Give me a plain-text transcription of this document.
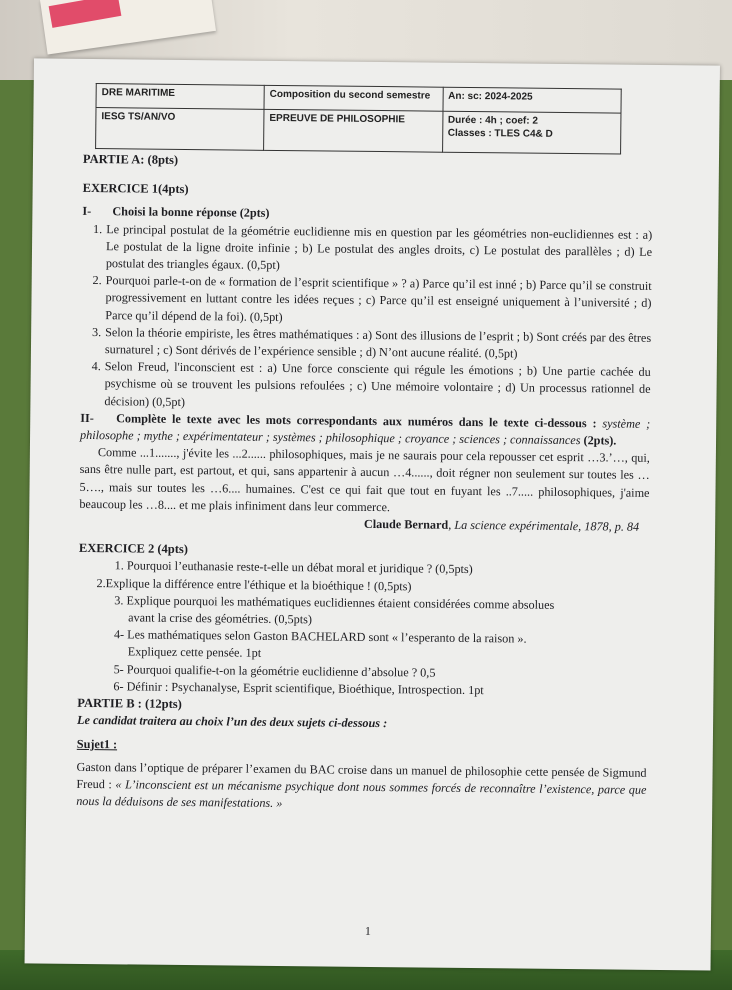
DRE MARITIME	Composition du second semestre	An: sc: 2024-2025
IESG TS/AN/VO	EPREUVE DE PHILOSOPHIE	Durée : 4h ; coef: 2
Classes : TLES C4& D

PARTIE A: (8pts)

EXERCICE 1(4pts)

I-	Choisi la bonne réponse (2pts)

1. Le principal postulat de la géométrie euclidienne mis en question par les géométries non-euclidiennes est : a) Le postulat de la ligne droite infinie ; b) Le postulat des angles droits, c) Le postulat des parallèles ; d) Le postulat des triangles égaux. (0,5pt)
2. Pourquoi parle-t-on de « formation de l’esprit scientifique » ? a) Parce qu’il est inné ; b) Parce qu’il se construit progressivement en luttant contre les idées reçues ; c) Parce qu’il est enseigné uniquement à l’université ; d) Parce qu’il dépend de la foi). (0,5pt)
3. Selon la théorie empiriste, les êtres mathématiques : a) Sont des illusions de l’esprit ; b) Sont créés par des êtres surnaturel ; c) Sont dérivés de l’expérience sensible ; d) N’ont aucune réalité. (0,5pt)
4. Selon Freud, l'inconscient est : a) Une force consciente qui régule les émotions ; b) Une partie cachée du psychisme où se trouvent les pulsions refoulées ; c) Une mémoire volontaire ; d) Un processus rationnel de décision) (0,5pt)

II- Complète le texte avec les mots correspondants aux numéros dans le texte ci-dessous : système ; philosophe ; mythe ; expérimentateur ; systèmes ; philosophique ; croyance ; sciences ; connaissances (2pts).

Comme ...1......., j'évite les ...2...... philosophiques, mais je ne saurais pour cela repousser cet esprit …3.’…, qui, sans être nulle part, est partout, et qui, sans appartenir à aucun …4......, doit régner non seulement sur toutes les …5…., mais sur toutes les …6.... humaines. C'est ce qui fait que tout en fuyant les ..7..... philosophiques, j'aime beaucoup les …8.... et me plais infiniment dans leur commerce.

Claude Bernard, La science expérimentale, 1878, p. 84

EXERCICE 2 (4pts)

1. Pourquoi l’euthanasie reste-t-elle un débat moral et juridique ? (0,5pts)

2.Explique la différence entre l'éthique et la bioéthique ! (0,5pts)

3. Explique pourquoi les mathématiques euclidiennes étaient considérées comme absolues

avant la crise des géométries. (0,5pts)

4- Les mathématiques selon Gaston BACHELARD sont « l’esperanto de la raison ».

Expliquez cette pensée. 1pt

5- Pourquoi qualifie-t-on la géométrie euclidienne d’absolue ? 0,5

6- Définir : Psychanalyse, Esprit scientifique, Bioéthique, Introspection. 1pt

PARTIE B : (12pts)

Le candidat traitera au choix l’un des deux sujets ci-dessous :

Sujet1 :

Gaston dans l’optique de préparer l’examen du BAC croise dans un manuel de philosophie cette pensée de Sigmund Freud : « L’inconscient est un mécanisme psychique dont nous sommes forcés de reconnaître l’existence, parce que nous la déduisons de ses manifestations. »

1
